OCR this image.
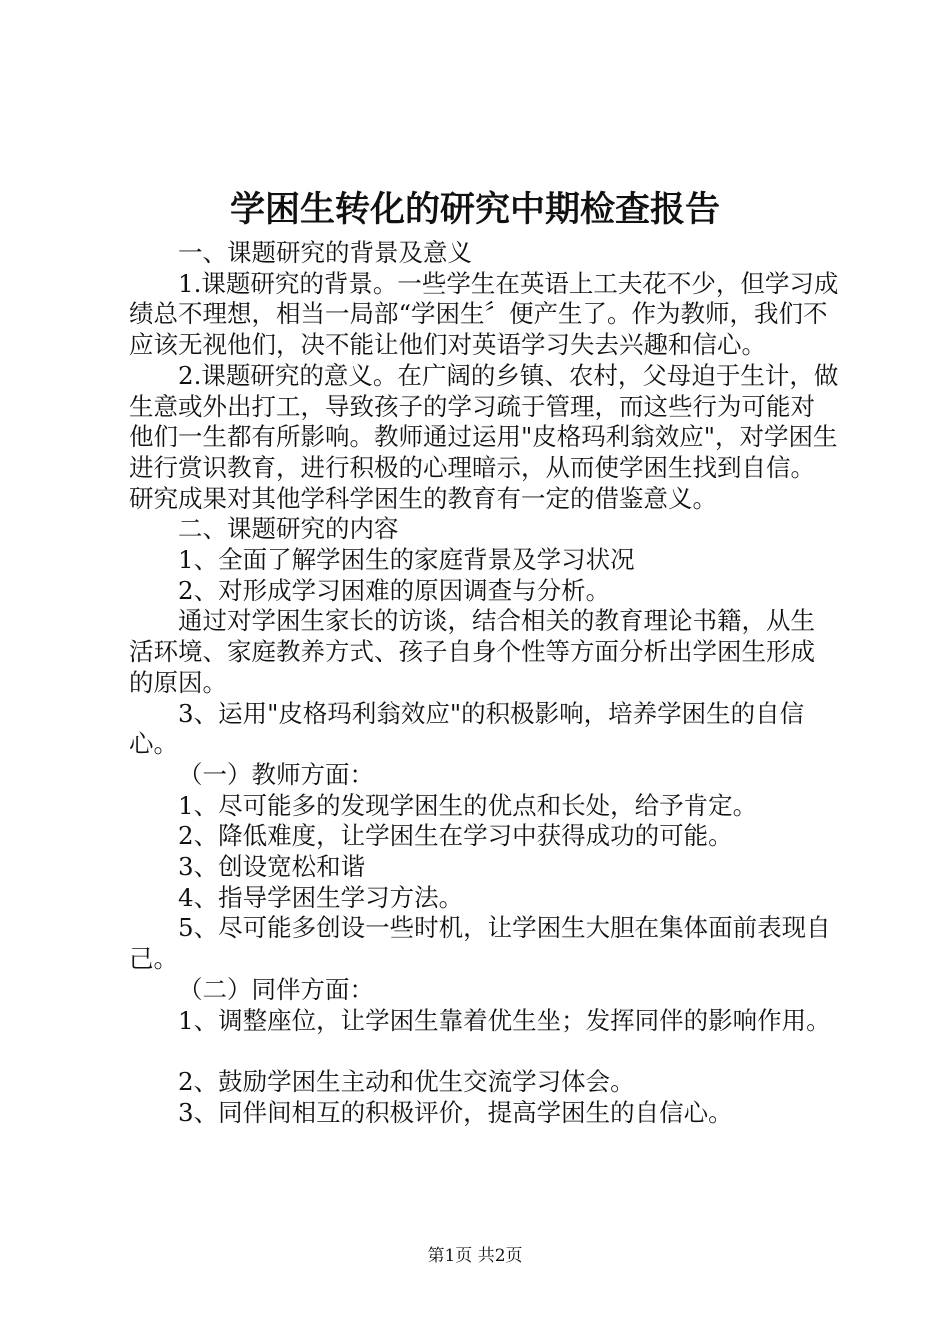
学困生转化的研究中期检查报告

一、课题研究的背景及意义

1.课题研究的背景。一些学生在英语上工夫花不少，但学习成绩总不理想，相当一局部“学困生〞便产生了。作为教师，我们不应该无视他们，决不能让他们对英语学习失去兴趣和信心。

2.课题研究的意义。在广阔的乡镇、农村，父母迫于生计，做生意或外出打工，导致孩子的学习疏于管理，而这些行为可能对他们一生都有所影响。教师通过运用"皮格玛利翁效应"，对学困生进行赏识教育，进行积极的心理暗示，从而使学困生找到自信。研究成果对其他学科学困生的教育有一定的借鉴意义。

二、课题研究的内容

1、全面了解学困生的家庭背景及学习状况

2、对形成学习困难的原因调查与分析。

通过对学困生家长的访谈，结合相关的教育理论书籍，从生活环境、家庭教养方式、孩子自身个性等方面分析出学困生形成的原因。

3、运用"皮格玛利翁效应"的积极影响，培养学困生的自信心。

（一）教师方面：

1、尽可能多的发现学困生的优点和长处，给予肯定。

2、降低难度，让学困生在学习中获得成功的可能。

3、创设宽松和谐

4、指导学困生学习方法。

5、尽可能多创设一些时机，让学困生大胆在集体面前表现自己。

（二）同伴方面：

1、调整座位，让学困生靠着优生坐；发挥同伴的影响作用。

2、鼓励学困生主动和优生交流学习体会。

3、同伴间相互的积极评价，提高学困生的自信心。

第1页 共2页
